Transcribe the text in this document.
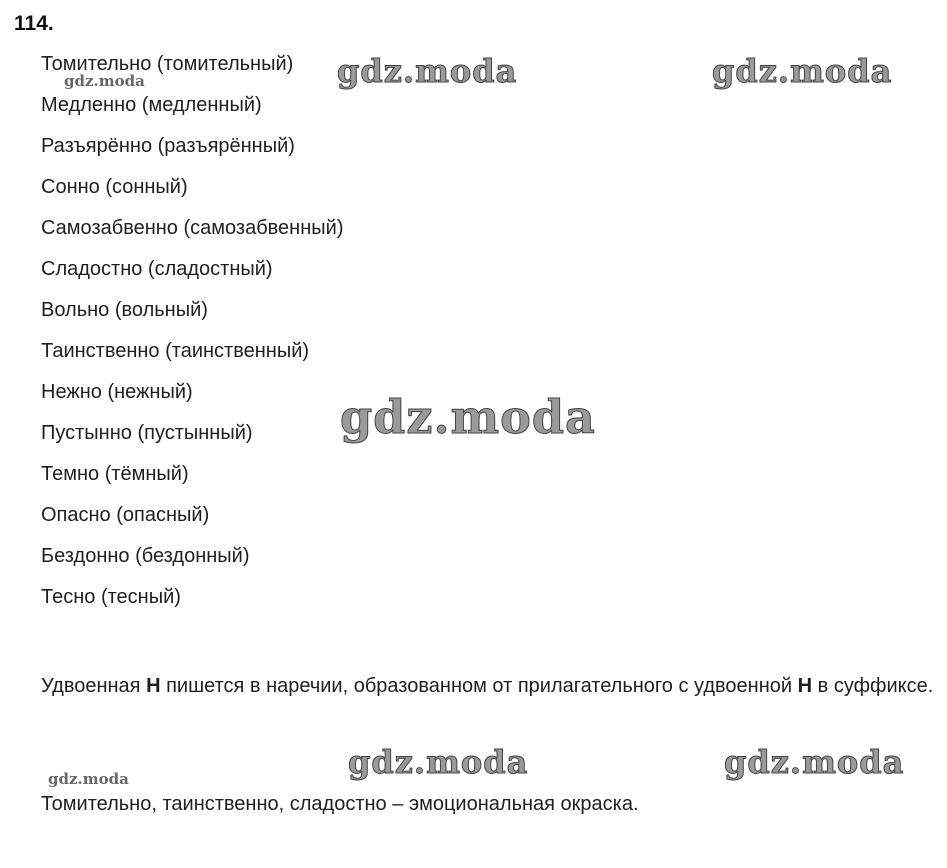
114.
Томительно (томительный)
Медленно (медленный)
Разъярённо (разъярённый)
Сонно (сонный)
Самозабвенно (самозабвенный)
Сладостно (сладостный)
Вольно (вольный)
Таинственно (таинственный)
Нежно (нежный)
Пустынно (пустынный)
Темно (тёмный)
Опасно (опасный)
Бездонно (бездонный)
Тесно (тесный)
Удвоенная Н пишется в наречии, образованном от прилагательного с удвоенной Н в суффиксе.
Томительно, таинственно, сладостно – эмоциональная окраска.
gdz.moda	gdz.moda	gdz.moda
gdz.moda
gdz.moda	gdz.moda	gdz.moda
